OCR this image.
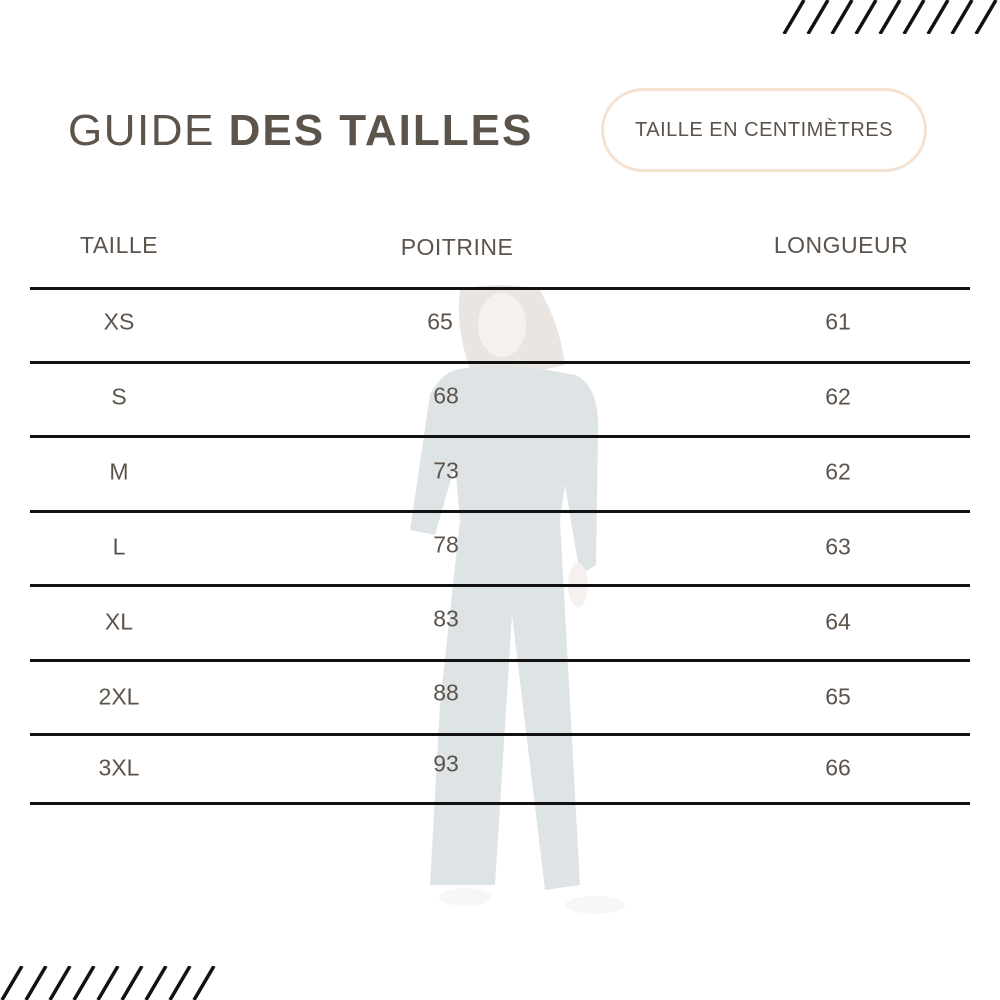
GUIDE DES TAILLES	TAILLE EN CENTIMÈTRES
TAILLE	POITRINE	LONGUEUR
XS	65	61
S	68	62
M	73	62
L	78	63
XL	83	64
2XL	88	65
3XL	93	66
